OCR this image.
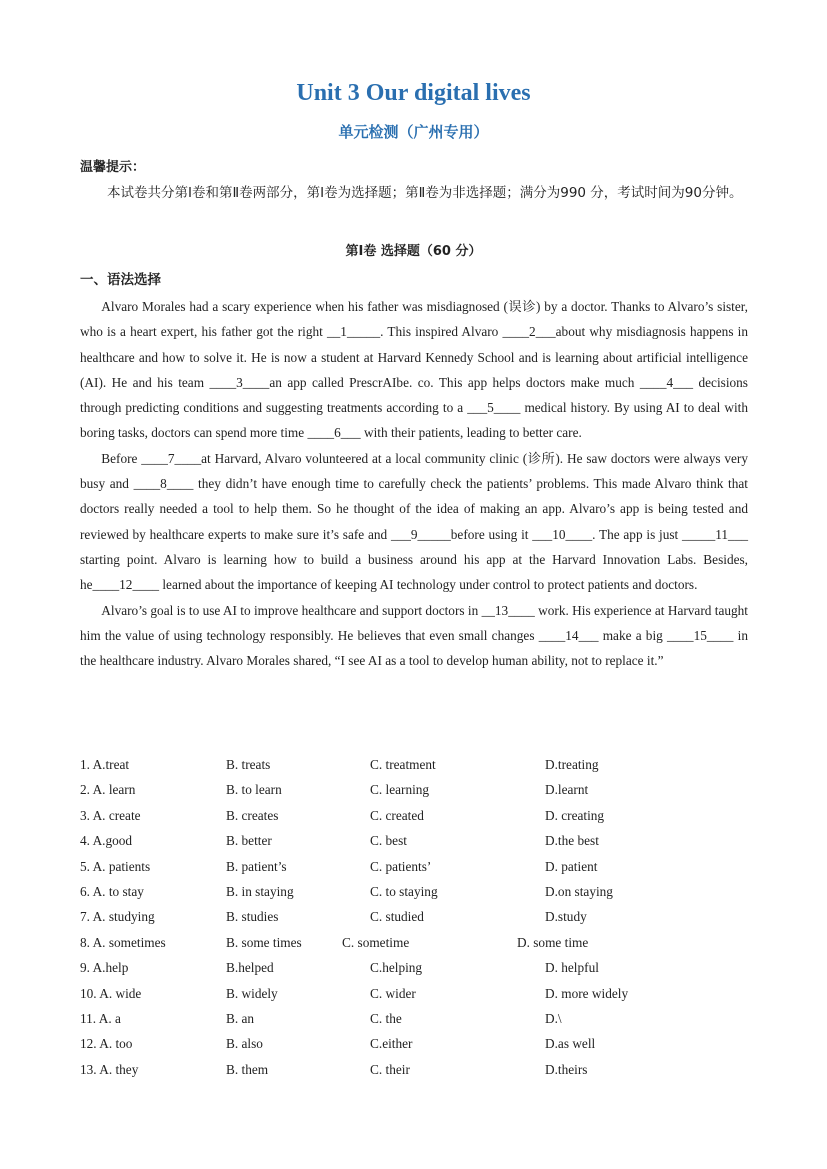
Unit 3 Our digital lives
单元检测（广州专用）
温馨提示：
本试卷共分第Ⅰ卷和第Ⅱ卷两部分，第Ⅰ卷为选择题；第Ⅱ卷为非选择题；满分为990 分，考试时间为90分钟。
第Ⅰ卷 选择题（60 分）
一、语法选择

Alvaro Morales had a scary experience when his father was misdiagnosed (误诊) by a doctor. Thanks to Alvaro’s sister, who is a heart expert, his father got the right __1_____. This inspired Alvaro ____2___about why misdiagnosis happens in healthcare and how to solve it. He is now a student at Harvard Kennedy School and is learning about artificial intelligence (AI). He and his team ____3____an app called PrescrAIbe. co. This app helps doctors make much ____4___ decisions through predicting conditions and suggesting treatments according to a ___5____ medical history. By using AI to deal with boring tasks, doctors can spend more time ____6___ with their patients, leading to better care.

Before ____7____at Harvard, Alvaro volunteered at a local community clinic (诊所). He saw doctors were always very busy and ____8____ they didn’t have enough time to carefully check the patients’ problems. This made Alvaro think that doctors really needed a tool to help them. So he thought of the idea of making an app. Alvaro’s app is being tested and reviewed by healthcare experts to make sure it’s safe and ___9_____before using it ___10____. The app is just _____11___ starting point. Alvaro is learning how to build a business around his app at the Harvard Innovation Labs. Besides, he____12____ learned about the importance of keeping AI technology under control to protect patients and doctors.

Alvaro’s goal is to use AI to improve healthcare and support doctors in __13____ work. His experience at Harvard taught him the value of using technology responsibly. He believes that even small changes ____14___ make a big ____15____ in the healthcare industry. Alvaro Morales shared, “I see AI as a tool to develop human ability, not to replace it.”

1. A.treat	B. treats	C. treatment	D.treating
2. A. learn	B. to learn	C. learning	D.learnt
3. A. create	B. creates	C. created	D. creating
4. A.good	B. better	C. best	D.the best
5. A. patients	B. patient’s	C. patients’	D. patient
6. A. to stay	B. in staying	C. to staying	D.on staying
7. A. studying	B. studies	C. studied	D.study
8. A. sometimes	B. some times	C. sometime	D. some time
9. A.help	B.helped	C.helping	D. helpful
10. A. wide	B. widely	C. wider	D. more widely
11. A. a	B. an	C. the	D.\
12. A. too	B. also	C.either	D.as well
13. A. they	B. them	C. their	D.theirs
